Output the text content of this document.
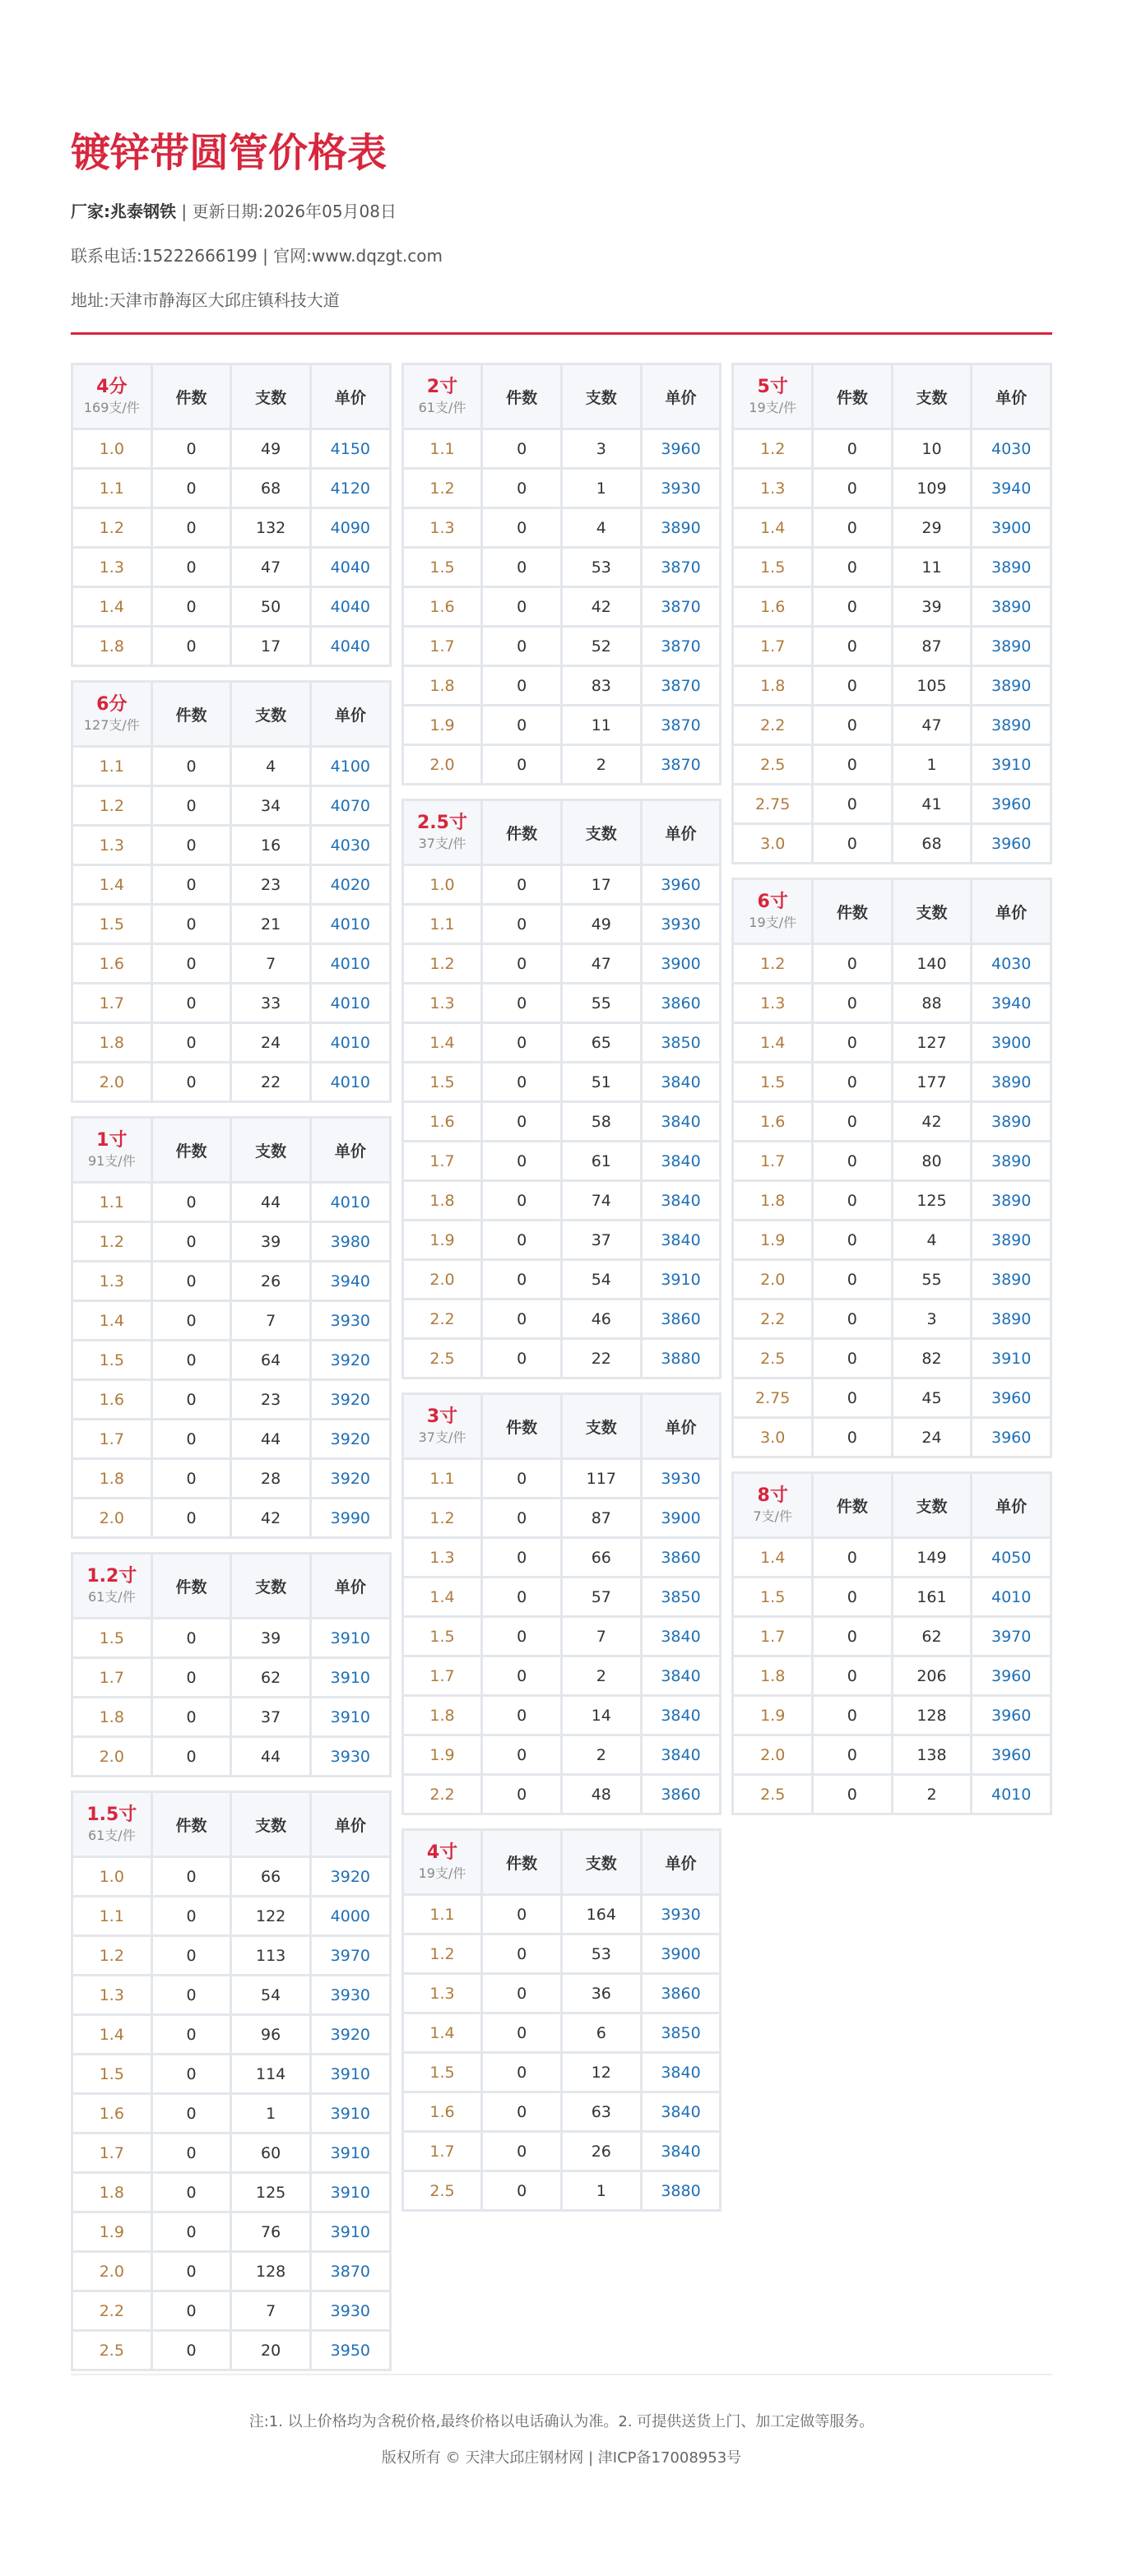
镀锌带圆管价格表
厂家:兆泰钢铁 | 更新日期:2026年05月08日
联系电话:15222666199 | 官网:www.dqzgt.com
地址:天津市静海区大邱庄镇科技大道
4分
169支/件	件数	支数	单价
1.0	0	49	4150
1.1	0	68	4120
1.2	0	132	4090
1.3	0	47	4040
1.4	0	50	4040
1.8	0	17	4040
6分
127支/件	件数	支数	单价
1.1	0	4	4100
1.2	0	34	4070
1.3	0	16	4030
1.4	0	23	4020
1.5	0	21	4010
1.6	0	7	4010
1.7	0	33	4010
1.8	0	24	4010
2.0	0	22	4010
1寸
91支/件	件数	支数	单价
1.1	0	44	4010
1.2	0	39	3980
1.3	0	26	3940
1.4	0	7	3930
1.5	0	64	3920
1.6	0	23	3920
1.7	0	44	3920
1.8	0	28	3920
2.0	0	42	3990
1.2寸
61支/件	件数	支数	单价
1.5	0	39	3910
1.7	0	62	3910
1.8	0	37	3910
2.0	0	44	3930
1.5寸
61支/件	件数	支数	单价
1.0	0	66	3920
1.1	0	122	4000
1.2	0	113	3970
1.3	0	54	3930
1.4	0	96	3920
1.5	0	114	3910
1.6	0	1	3910
1.7	0	60	3910
1.8	0	125	3910
1.9	0	76	3910
2.0	0	128	3870
2.2	0	7	3930
2.5	0	20	3950
2寸
61支/件	件数	支数	单价
1.1	0	3	3960
1.2	0	1	3930
1.3	0	4	3890
1.5	0	53	3870
1.6	0	42	3870
1.7	0	52	3870
1.8	0	83	3870
1.9	0	11	3870
2.0	0	2	3870
2.5寸
37支/件	件数	支数	单价
1.0	0	17	3960
1.1	0	49	3930
1.2	0	47	3900
1.3	0	55	3860
1.4	0	65	3850
1.5	0	51	3840
1.6	0	58	3840
1.7	0	61	3840
1.8	0	74	3840
1.9	0	37	3840
2.0	0	54	3910
2.2	0	46	3860
2.5	0	22	3880
3寸
37支/件	件数	支数	单价
1.1	0	117	3930
1.2	0	87	3900
1.3	0	66	3860
1.4	0	57	3850
1.5	0	7	3840
1.7	0	2	3840
1.8	0	14	3840
1.9	0	2	3840
2.2	0	48	3860
4寸
19支/件	件数	支数	单价
1.1	0	164	3930
1.2	0	53	3900
1.3	0	36	3860
1.4	0	6	3850
1.5	0	12	3840
1.6	0	63	3840
1.7	0	26	3840
2.5	0	1	3880
5寸
19支/件	件数	支数	单价
1.2	0	10	4030
1.3	0	109	3940
1.4	0	29	3900
1.5	0	11	3890
1.6	0	39	3890
1.7	0	87	3890
1.8	0	105	3890
2.2	0	47	3890
2.5	0	1	3910
2.75	0	41	3960
3.0	0	68	3960
6寸
19支/件	件数	支数	单价
1.2	0	140	4030
1.3	0	88	3940
1.4	0	127	3900
1.5	0	177	3890
1.6	0	42	3890
1.7	0	80	3890
1.8	0	125	3890
1.9	0	4	3890
2.0	0	55	3890
2.2	0	3	3890
2.5	0	82	3910
2.75	0	45	3960
3.0	0	24	3960
8寸
7支/件	件数	支数	单价
1.4	0	149	4050
1.5	0	161	4010
1.7	0	62	3970
1.8	0	206	3960
1.9	0	128	3960
2.0	0	138	3960
2.5	0	2	4010
注:1. 以上价格均为含税价格,最终价格以电话确认为准。2. 可提供送货上门、加工定做等服务。
版权所有 © 天津大邱庄钢材网 | 津ICP备17008953号
